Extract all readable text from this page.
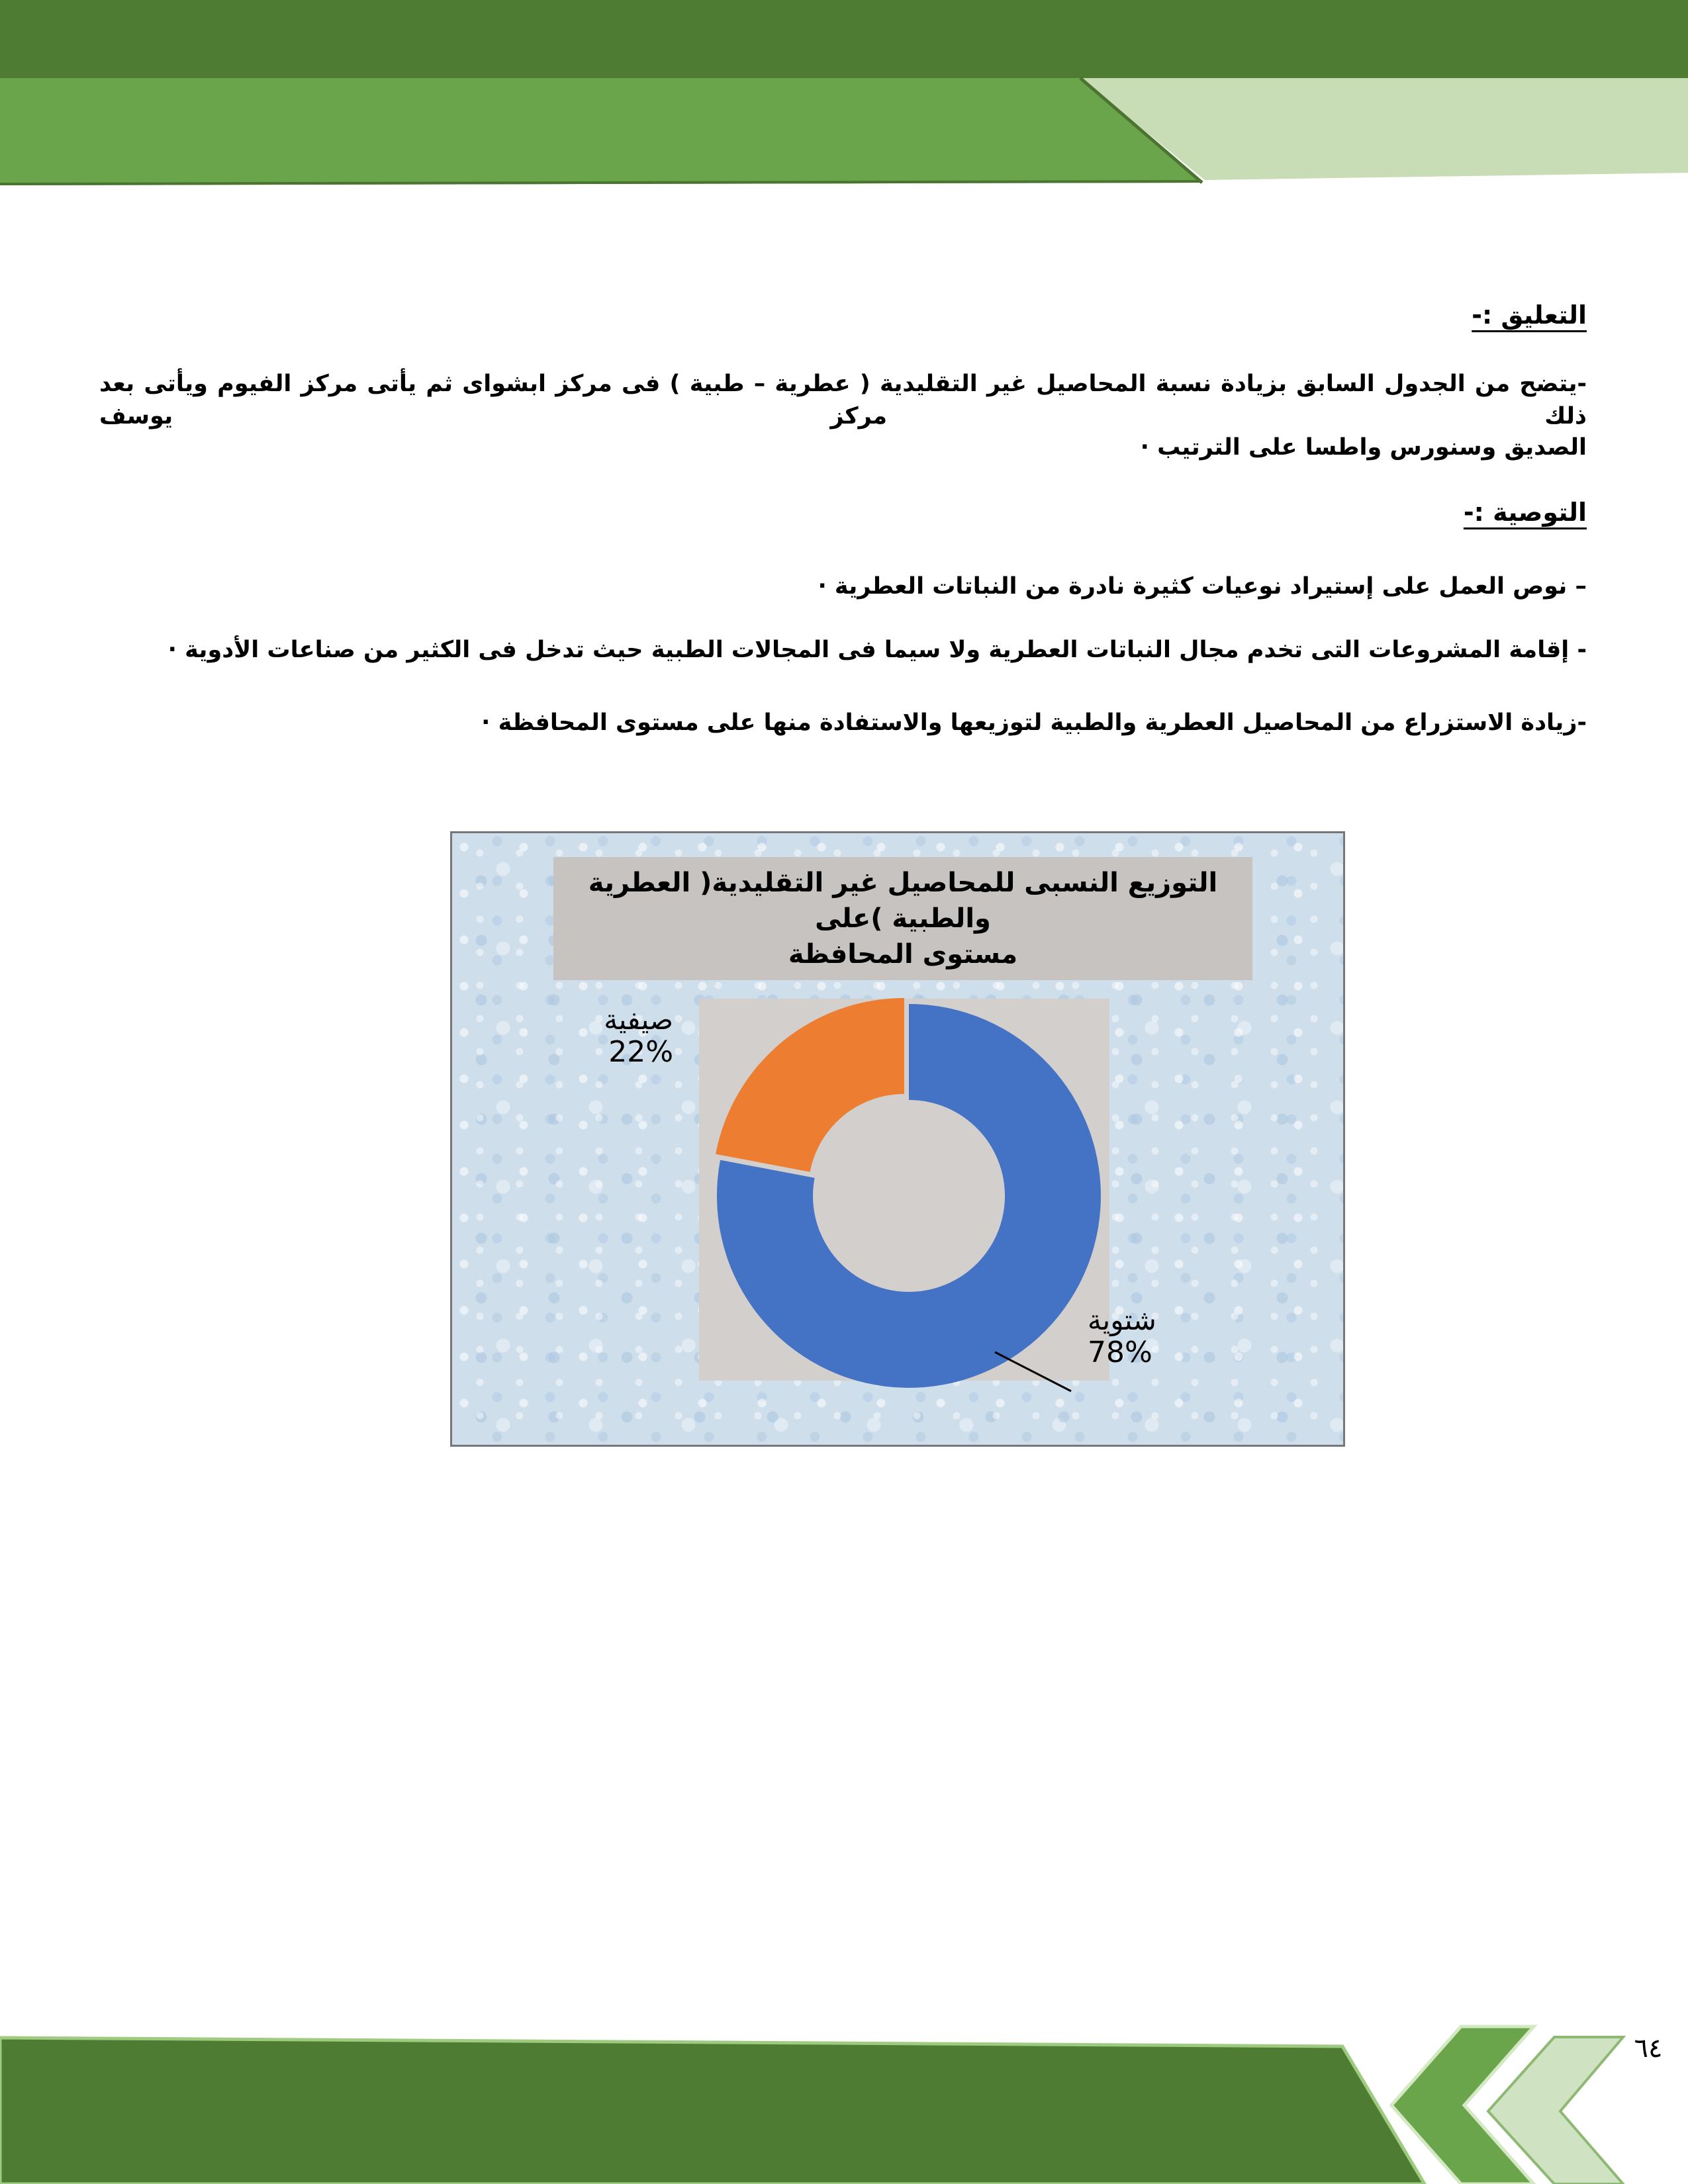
التعليق :-
-يتضح من الجدول السابق بزيادة نسبة المحاصيل غير التقليدية ( عطرية – طبية ) فى مركز ابشواى ثم يأتى مركز الفيوم ويأتى بعد ذلك مركز يوسف
الصديق وسنورس واطسا على الترتيب ·
التوصية :-
– نوص العمل على إستيراد نوعيات كثيرة نادرة من النباتات العطرية ·
- إقامة المشروعات التى تخدم مجال النباتات العطرية ولا سيما فى المجالات الطبية حيث تدخل فى الكثير من صناعات الأدوية ·
-زيادة الاستزراع من المحاصيل العطرية والطبية لتوزيعها والاستفادة منها على مستوى المحافظة ·
التوزيع النسبى للمحاصيل غير التقليدية( العطرية والطبية )على
مستوى المحافظة
صيفية
22%
شتوية
78%
٦٤
